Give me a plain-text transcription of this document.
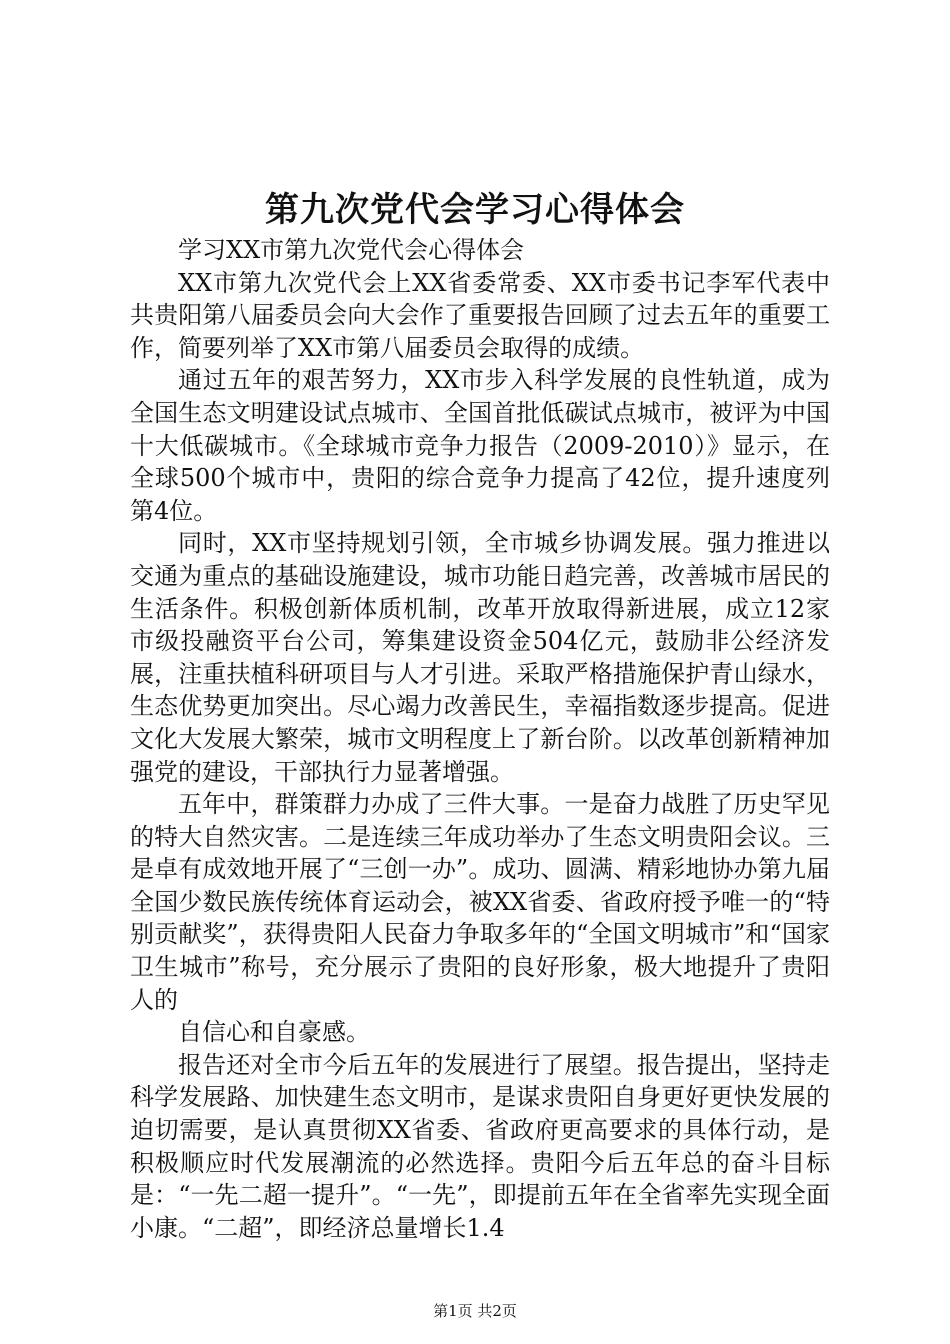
第九次党代会学习心得体会

学习XX市第九次党代会心得体会

XX市第九次党代会上XX省委常委、XX市委书记李军代表中共贵阳第八届委员会向大会作了重要报告回顾了过去五年的重要工作，简要列举了XX市第八届委员会取得的成绩。

通过五年的艰苦努力，XX市步入科学发展的良性轨道，成为全国生态文明建设试点城市、全国首批低碳试点城市，被评为中国十大低碳城市。《全球城市竞争力报告（2009-2010）》显示，在全球500个城市中，贵阳的综合竞争力提高了42位，提升速度列第4位。

同时，XX市坚持规划引领，全市城乡协调发展。强力推进以交通为重点的基础设施建设，城市功能日趋完善，改善城市居民的生活条件。积极创新体质机制，改革开放取得新进展，成立12家市级投融资平台公司，筹集建设资金504亿元，鼓励非公经济发展，注重扶植科研项目与人才引进。采取严格措施保护青山绿水，生态优势更加突出。尽心竭力改善民生，幸福指数逐步提高。促进文化大发展大繁荣，城市文明程度上了新台阶。以改革创新精神加强党的建设，干部执行力显著增强。

五年中，群策群力办成了三件大事。一是奋力战胜了历史罕见的特大自然灾害。二是连续三年成功举办了生态文明贵阳会议。三是卓有成效地开展了“三创一办”。成功、圆满、精彩地协办第九届全国少数民族传统体育运动会，被XX省委、省政府授予唯一的“特别贡献奖”，获得贵阳人民奋力争取多年的“全国文明城市”和“国家卫生城市”称号，充分展示了贵阳的良好形象，极大地提升了贵阳人的

自信心和自豪感。

报告还对全市今后五年的发展进行了展望。报告提出，坚持走科学发展路、加快建生态文明市，是谋求贵阳自身更好更快发展的迫切需要，是认真贯彻XX省委、省政府更高要求的具体行动，是积极顺应时代发展潮流的必然选择。贵阳今后五年总的奋斗目标是：“一先二超一提升”。“一先”，即提前五年在全省率先实现全面小康。“二超”，即经济总量增长1.4

第1页 共2页
